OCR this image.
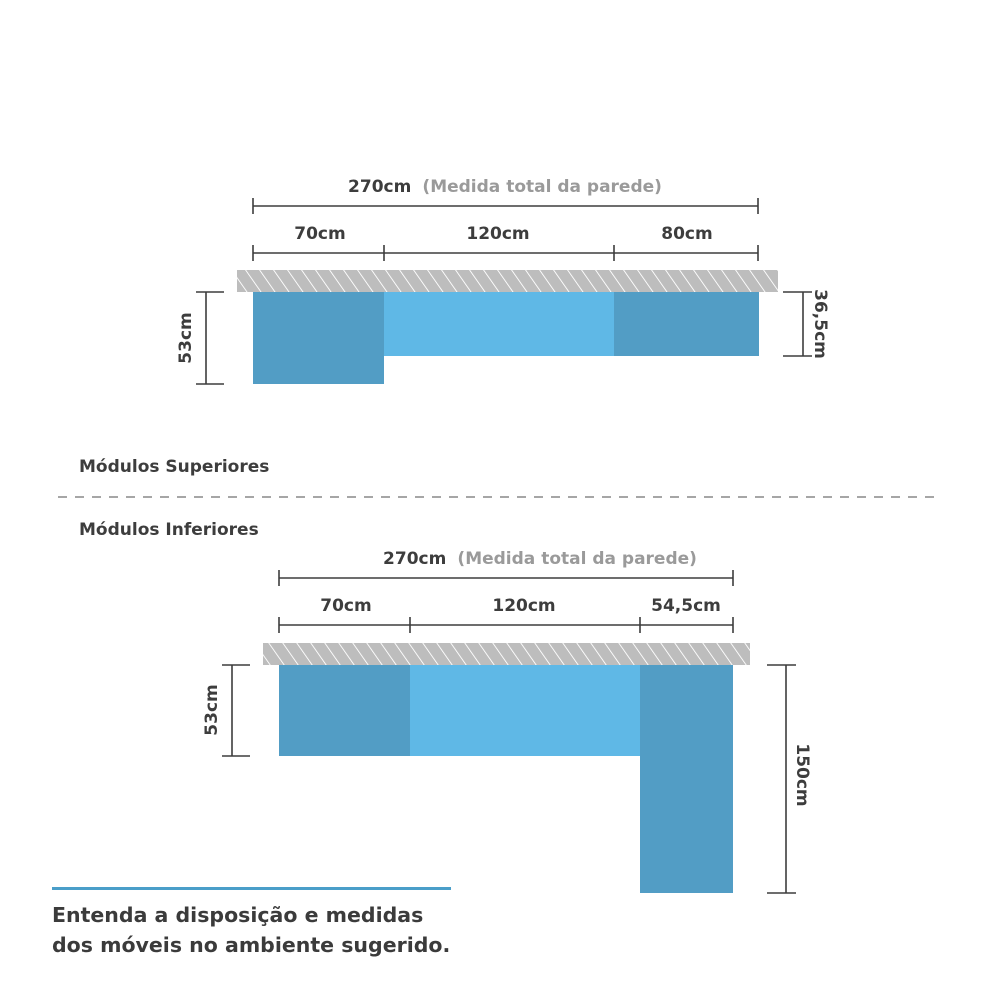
270cm (Medida total da parede)
70cm	120cm	80cm
53cm	36,5cm
270cm (Medida total da parede)
70cm	120cm	54,5cm
53cm
150cm
Módulos Superiores
Módulos Inferiores
Entenda a disposição e medidas
dos móveis no ambiente sugerido.
